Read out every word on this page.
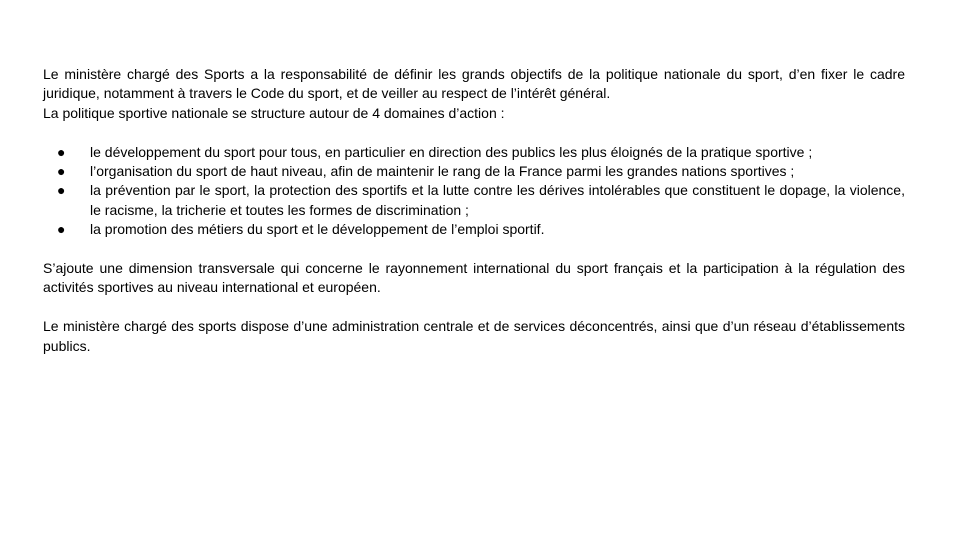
Le ministère chargé des Sports a la responsabilité de définir les grands objectifs de la politique nationale du sport, d’en fixer le cadre juridique, notamment à travers le Code du sport, et de veiller au respect de l’intérêt général.

La politique sportive nationale se structure autour de 4 domaines d’action :

● le développement du sport pour tous, en particulier en direction des publics les plus éloignés de la pratique sportive ;
● l’organisation du sport de haut niveau, afin de maintenir le rang de la France parmi les grandes nations sportives ;
● la prévention par le sport, la protection des sportifs et la lutte contre les dérives intolérables que constituent le dopage, la violence, le racisme, la tricherie et toutes les formes de discrimination ;
● la promotion des métiers du sport et le développement de l’emploi sportif.

S’ajoute une dimension transversale qui concerne le rayonnement international du sport français et la participation à la régulation des activités sportives au niveau international et européen.

Le ministère chargé des sports dispose d’une administration centrale et de services déconcentrés, ainsi que d’un réseau d’établissements publics.
